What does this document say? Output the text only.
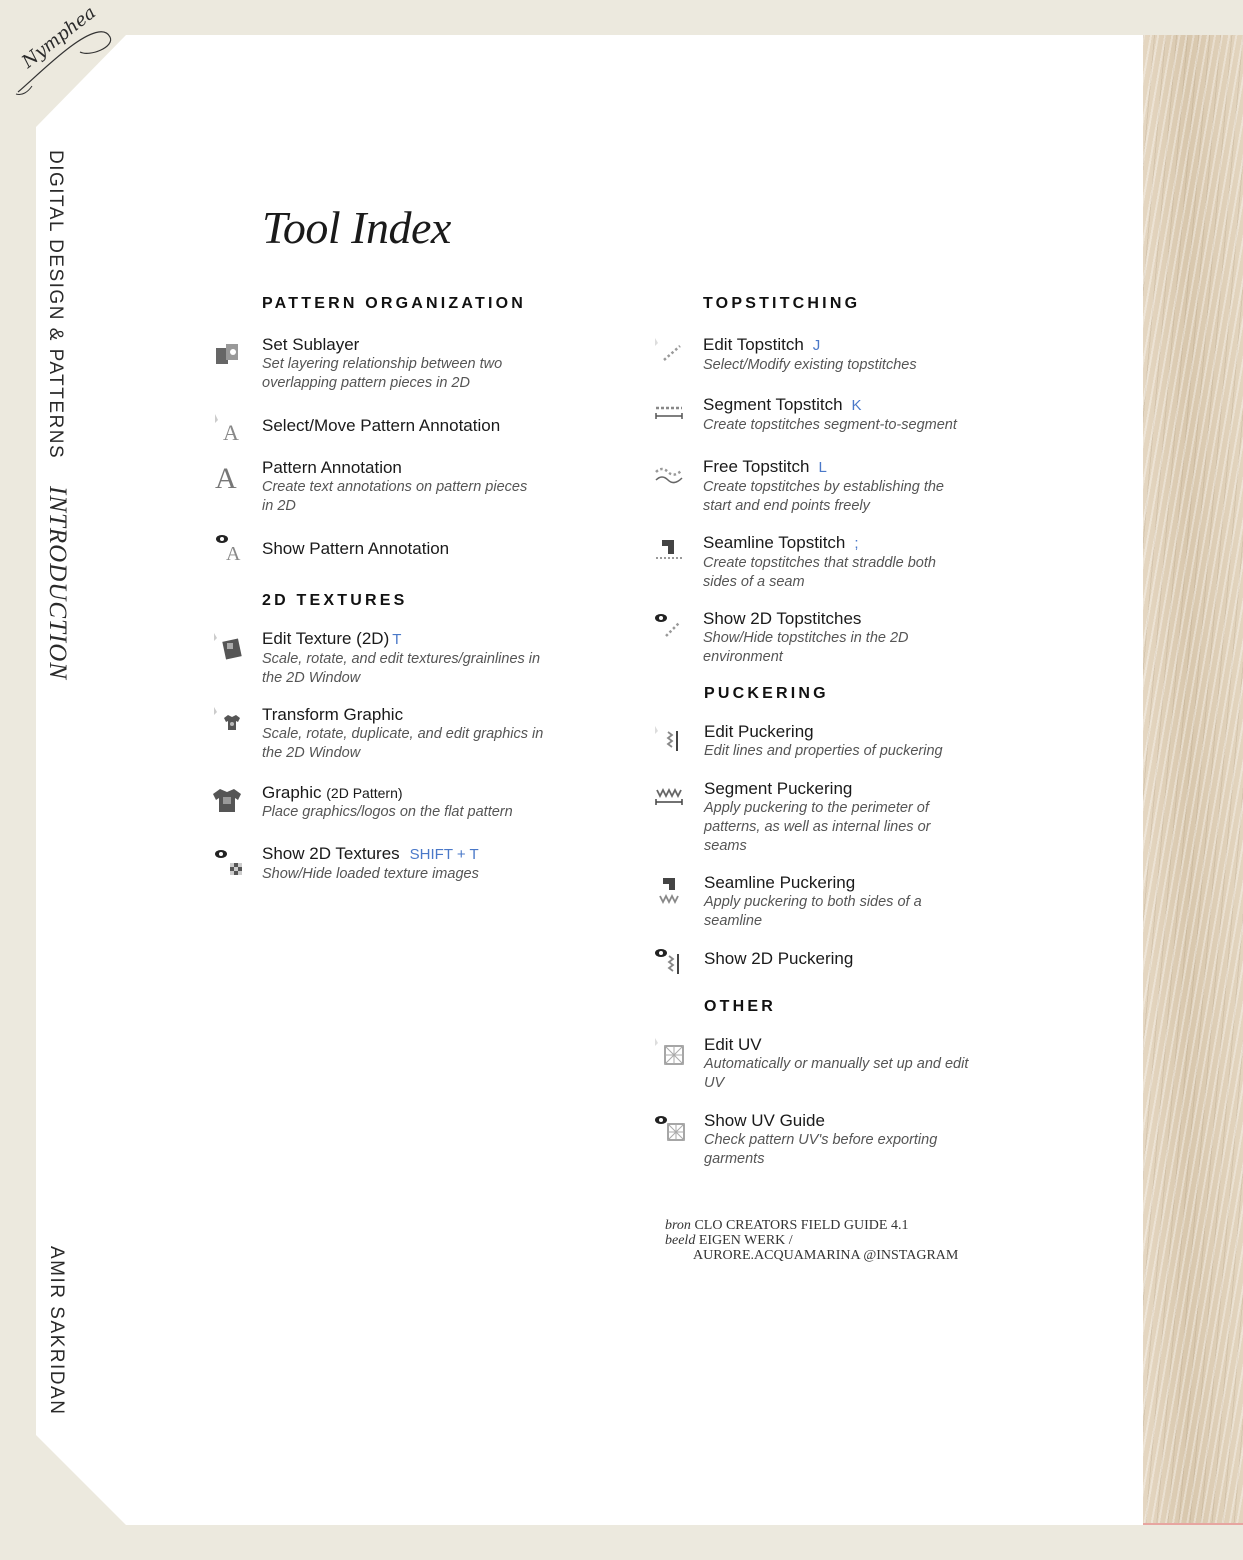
Nymphea
DIGITAL DESIGN & PATTERNS
INTRODUCTION
AMIR SAKRIDAN
Tool Index
PATTERN ORGANIZATION
Set Sublayer
Set layering relationship between two overlapping pattern pieces in 2D
A Select/Move Pattern Annotation
A Pattern Annotation
Create text annotations on pattern pieces in 2D
A Show Pattern Annotation
2D TEXTURES
Edit Texture (2D) T
Scale, rotate, and edit textures/grainlines in the 2D Window
Transform Graphic
Scale, rotate, duplicate, and edit graphics in the 2D Window
Graphic (2D Pattern)
Place graphics/logos on the flat pattern
Show 2D Textures SHIFT + T
Show/Hide loaded texture images
TOPSTITCHING
Edit Topstitch J
Select/Modify existing topstitches
Segment Topstitch K
Create topstitches segment-to-segment
Free Topstitch L
Create topstitches by establishing the start and end points freely
Seamline Topstitch ;
Create topstitches that straddle both sides of a seam
Show 2D Topstitches
Show/Hide topstitches in the 2D environment
PUCKERING
Edit Puckering
Edit lines and properties of puckering
Segment Puckering
Apply puckering to the perimeter of patterns, as well as internal lines or seams
Seamline Puckering
Apply puckering to both sides of a seamline
Show 2D Puckering
OTHER
Edit UV
Automatically or manually set up and edit UV
Show UV Guide
Check pattern UV's before exporting garments
bron CLO CREATORS FIELD GUIDE 4.1
beeld EIGEN WERK /
AURORE.ACQUAMARINA @INSTAGRAM
